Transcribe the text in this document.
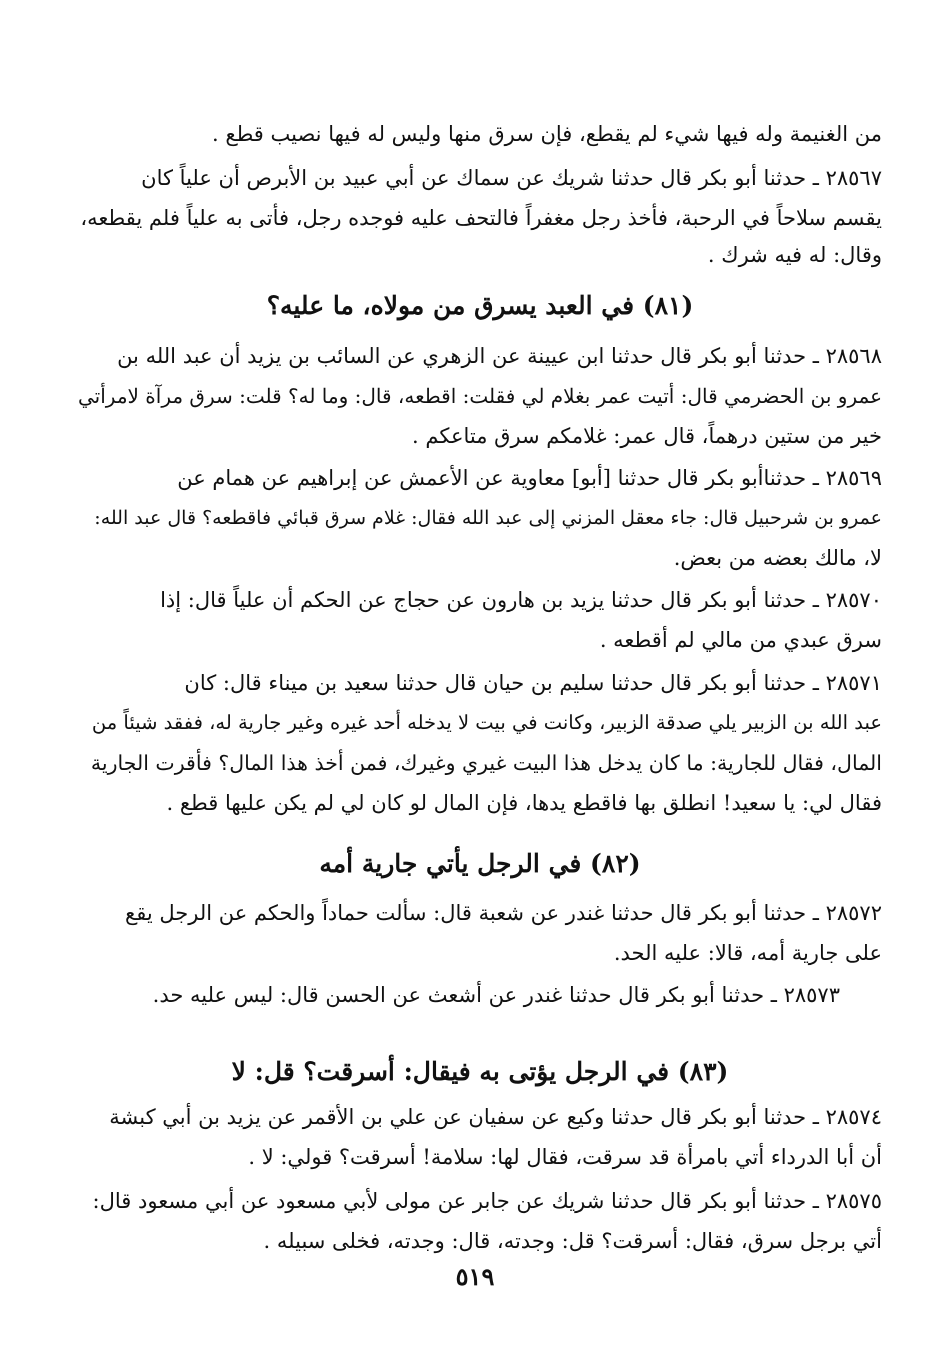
من الغنيمة وله فيها شيء لم يقطع، فإن سرق منها وليس له فيها نصيب قطع .
٢٨٥٦٧ ـ حدثنا أبو بكر قال حدثنا شريك عن سماك عن أبي عبيد بن الأبرص أن علياً كان
يقسم سلاحاً في الرحبة، فأخذ رجل مغفراً فالتحف عليه فوجده رجل، فأتى به علياً فلم يقطعه،
وقال: له فيه شرك .
(٨١) في العبد يسرق من مولاه، ما عليه؟
٢٨٥٦٨ ـ حدثنا أبو بكر قال حدثنا ابن عيينة عن الزهري عن السائب بن يزيد أن عبد الله بن
عمرو بن الحضرمي قال: أتيت عمر بغلام لي فقلت: اقطعه، قال: وما له؟ قلت: سرق مرآة لامرأتي
خير من ستين درهماً، قال عمر: غلامكم سرق متاعكم .
٢٨٥٦٩ ـ حدثناأبو بكر قال حدثنا [أبو] معاوية عن الأعمش عن إبراهيم عن همام عن
عمرو بن شرحبيل قال: جاء معقل المزني إلى عبد الله فقال: غلام سرق قبائي فاقطعه؟ قال عبد الله:
لا، مالك بعضه من بعض.
٢٨٥٧٠ ـ حدثنا أبو بكر قال حدثنا يزيد بن هارون عن حجاج عن الحكم أن علياً قال: إذا
سرق عبدي من مالي لم أقطعه .
٢٨٥٧١ ـ حدثنا أبو بكر قال حدثنا سليم بن حيان قال حدثنا سعيد بن ميناء قال: كان
عبد الله بن الزبير يلي صدقة الزبير، وكانت في بيت لا يدخله أحد غيره وغير جارية له، ففقد شيئاً من
المال، فقال للجارية: ما كان يدخل هذا البيت غيري وغيرك، فمن أخذ هذا المال؟ فأقرت الجارية
فقال لي: يا سعيد! انطلق بها فاقطع يدها، فإن المال لو كان لي لم يكن عليها قطع .
(٨٢) في الرجل يأتي جارية أمه
٢٨٥٧٢ ـ حدثنا أبو بكر قال حدثنا غندر عن شعبة قال: سألت حماداً والحكم عن الرجل يقع
على جارية أمه، قالا: عليه الحد.
٢٨٥٧٣ ـ حدثنا أبو بكر قال حدثنا غندر عن أشعث عن الحسن قال: ليس عليه حد.
(٨٣) في الرجل يؤتى به فيقال: أسرقت؟ قل: لا
٢٨٥٧٤ ـ حدثنا أبو بكر قال حدثنا وكيع عن سفيان عن علي بن الأقمر عن يزيد بن أبي كبشة
أن أبا الدرداء أتي بامرأة قد سرقت، فقال لها: سلامة! أسرقت؟ قولي: لا .
٢٨٥٧٥ ـ حدثنا أبو بكر قال حدثنا شريك عن جابر عن مولى لأبي مسعود عن أبي مسعود قال:
أتي برجل سرق، فقال: أسرقت؟ قل: وجدته، قال: وجدته، فخلى سبيله .
٥١٩
